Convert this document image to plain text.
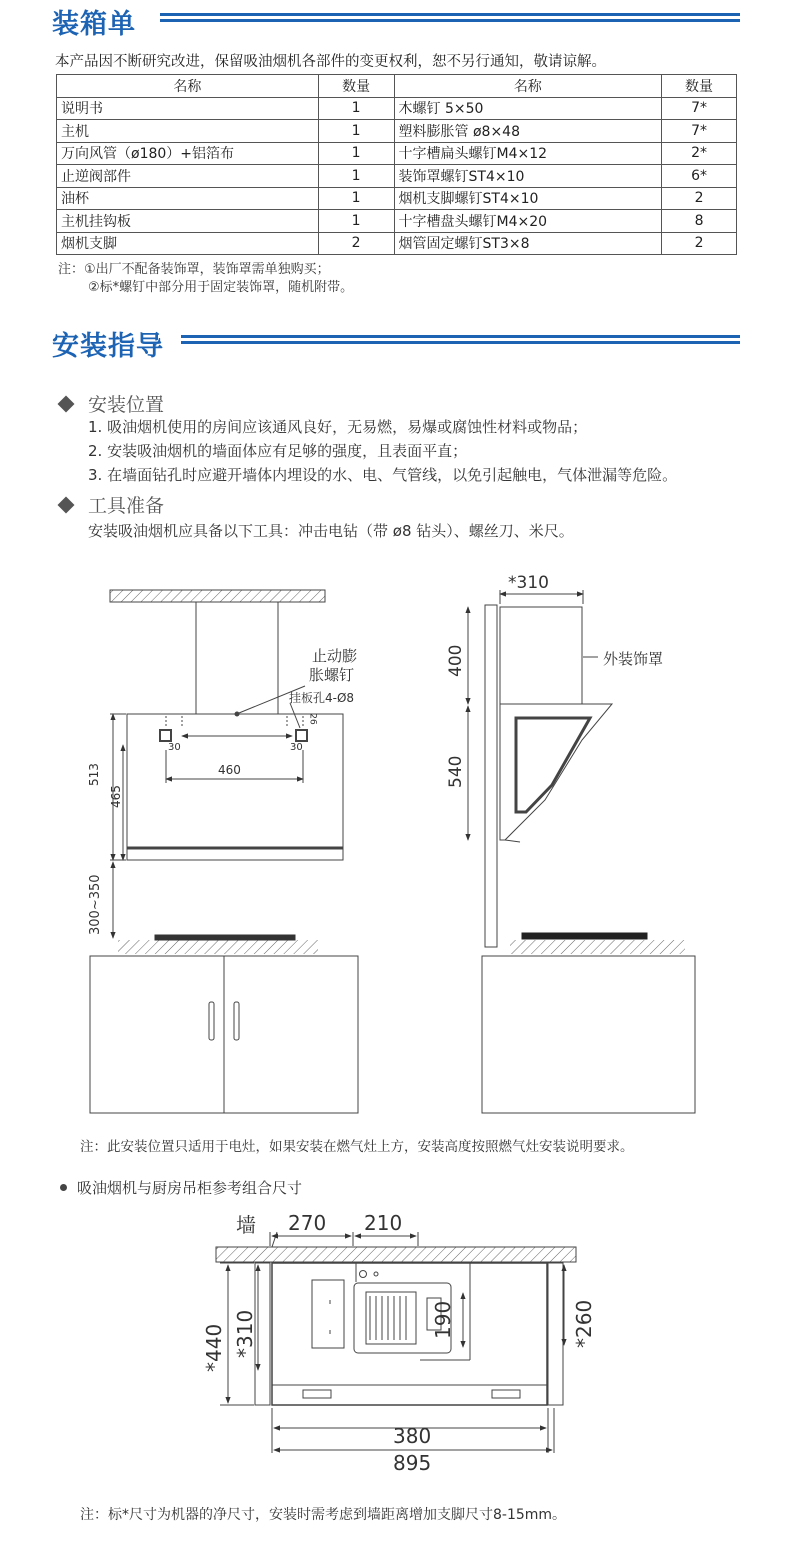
装箱单
本产品因不断研究改进，保留吸油烟机各部件的变更权利，恕不另行通知，敬请谅解。
名称	数量	名称	数量
说明书	1	木螺钉 5×50	7*
主机	1	塑料膨胀管 ø8×48	7*
万向风管（ø180）+铝箔布	1	十字槽扁头螺钉M4×12	2*
止逆阀部件	1	装饰罩螺钉ST4×10	6*
油杯	1	烟机支脚螺钉ST4×10	2
主机挂钩板	1	十字槽盘头螺钉M4×20	8
烟机支脚	2	烟管固定螺钉ST3×8	2
注：①出厂不配备装饰罩，装饰罩需单独购买；
②标*螺钉中部分用于固定装饰罩，随机附带。
安装指导
安装位置
1. 吸油烟机使用的房间应该通风良好，无易燃，易爆或腐蚀性材料或物品；
2. 安装吸油烟机的墙面体应有足够的强度，且表面平直；
3. 在墙面钻孔时应避开墙体内埋设的水、电、气管线，以免引起触电，气体泄漏等危险。
工具准备
安装吸油烟机应具备以下工具：冲击电钻（带 ø8 钻头）、螺丝刀、米尺。
止动膨
胀螺钉
挂板孔4-Ø8
30	30
26
460
513
465
300~350
*310
400
540
外装饰罩
注：此安装位置只适用于电灶，如果安装在燃气灶上方，安装高度按照燃气灶安装说明要求。
吸油烟机与厨房吊柜参考组合尺寸
墙 270 210
*440 *310	190	*260
380
895
注：标*尺寸为机器的净尺寸，安装时需考虑到墙距离增加支脚尺寸8-15mm。
